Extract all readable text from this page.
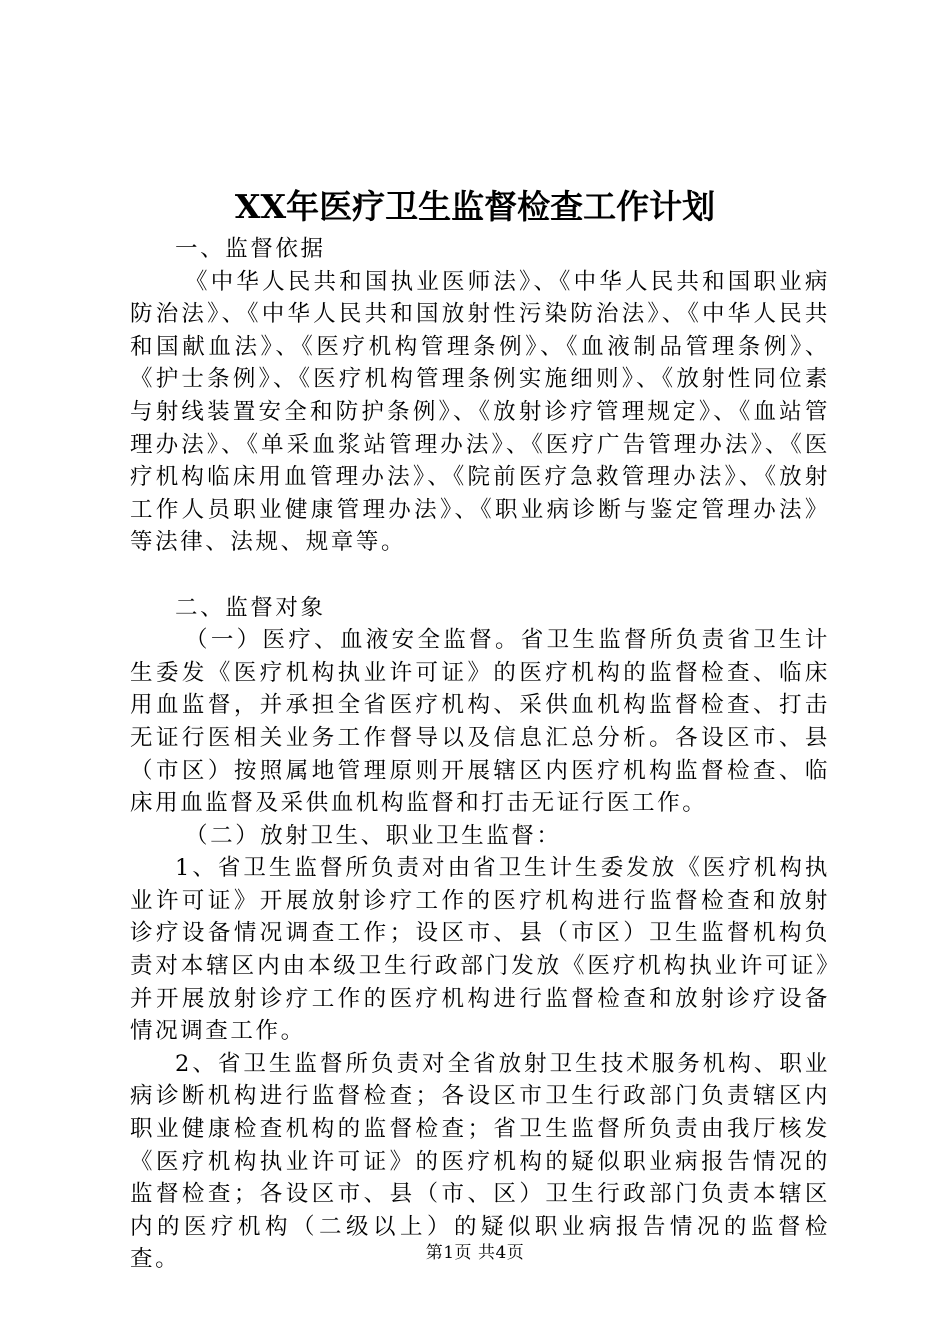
XX年医疗卫生监督检查工作计划

一、监督依据

《中华人民共和国执业医师法》、《中华人民共和国职业病防治法》、《中华人民共和国放射性污染防治法》、《中华人民共和国献血法》、《医疗机构管理条例》、《血液制品管理条例》、《护士条例》、《医疗机构管理条例实施细则》、《放射性同位素与射线装置安全和防护条例》、《放射诊疗管理规定》、《血站管理办法》、《单采血浆站管理办法》、《医疗广告管理办法》、《医疗机构临床用血管理办法》、《院前医疗急救管理办法》、《放射工作人员职业健康管理办法》、《职业病诊断与鉴定管理办法》等法律、法规、规章等。

二、监督对象

（一）医疗、血液安全监督。省卫生监督所负责省卫生计生委发《医疗机构执业许可证》的医疗机构的监督检查、临床用血监督，并承担全省医疗机构、采供血机构监督检查、打击无证行医相关业务工作督导以及信息汇总分析。各设区市、县（市区）按照属地管理原则开展辖区内医疗机构监督检查、临床用血监督及采供血机构监督和打击无证行医工作。

（二）放射卫生、职业卫生监督：

1、省卫生监督所负责对由省卫生计生委发放《医疗机构执业许可证》开展放射诊疗工作的医疗机构进行监督检查和放射诊疗设备情况调查工作；设区市、县（市区）卫生监督机构负责对本辖区内由本级卫生行政部门发放《医疗机构执业许可证》并开展放射诊疗工作的医疗机构进行监督检查和放射诊疗设备情况调查工作。

2、省卫生监督所负责对全省放射卫生技术服务机构、职业病诊断机构进行监督检查；各设区市卫生行政部门负责辖区内职业健康检查机构的监督检查；省卫生监督所负责由我厅核发《医疗机构执业许可证》的医疗机构的疑似职业病报告情况的监督检查；各设区市、县（市、区）卫生行政部门负责本辖区内的医疗机构（二级以上）的疑似职业病报告情况的监督检查。	第1页 共4页
